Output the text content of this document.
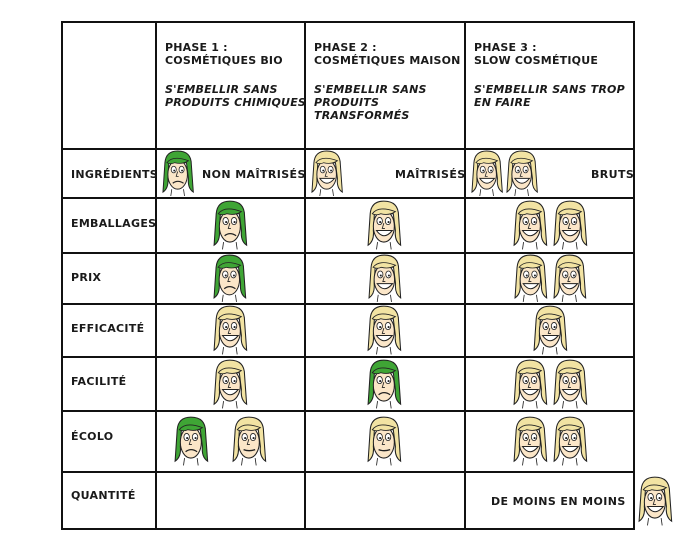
PHASE 1 :
COSMÉTIQUES BIO
S'EMBELLIR SANS
PRODUITS CHIMIQUES
PHASE 2 :
COSMÉTIQUES MAISON
S'EMBELLIR SANS
PRODUITS
TRANSFORMÉS
PHASE 3 :
SLOW COSMÉTIQUE
S'EMBELLIR SANS TROP
EN FAIRE
INGRÉDIENTS
EMBALLAGES
PRIX
EFFICACITÉ
FACILITÉ
ÉCOLO
QUANTITÉ
NON MAÎTRISÉS	MAÎTRISÉS	BRUTS
DE MOINS EN MOINS
